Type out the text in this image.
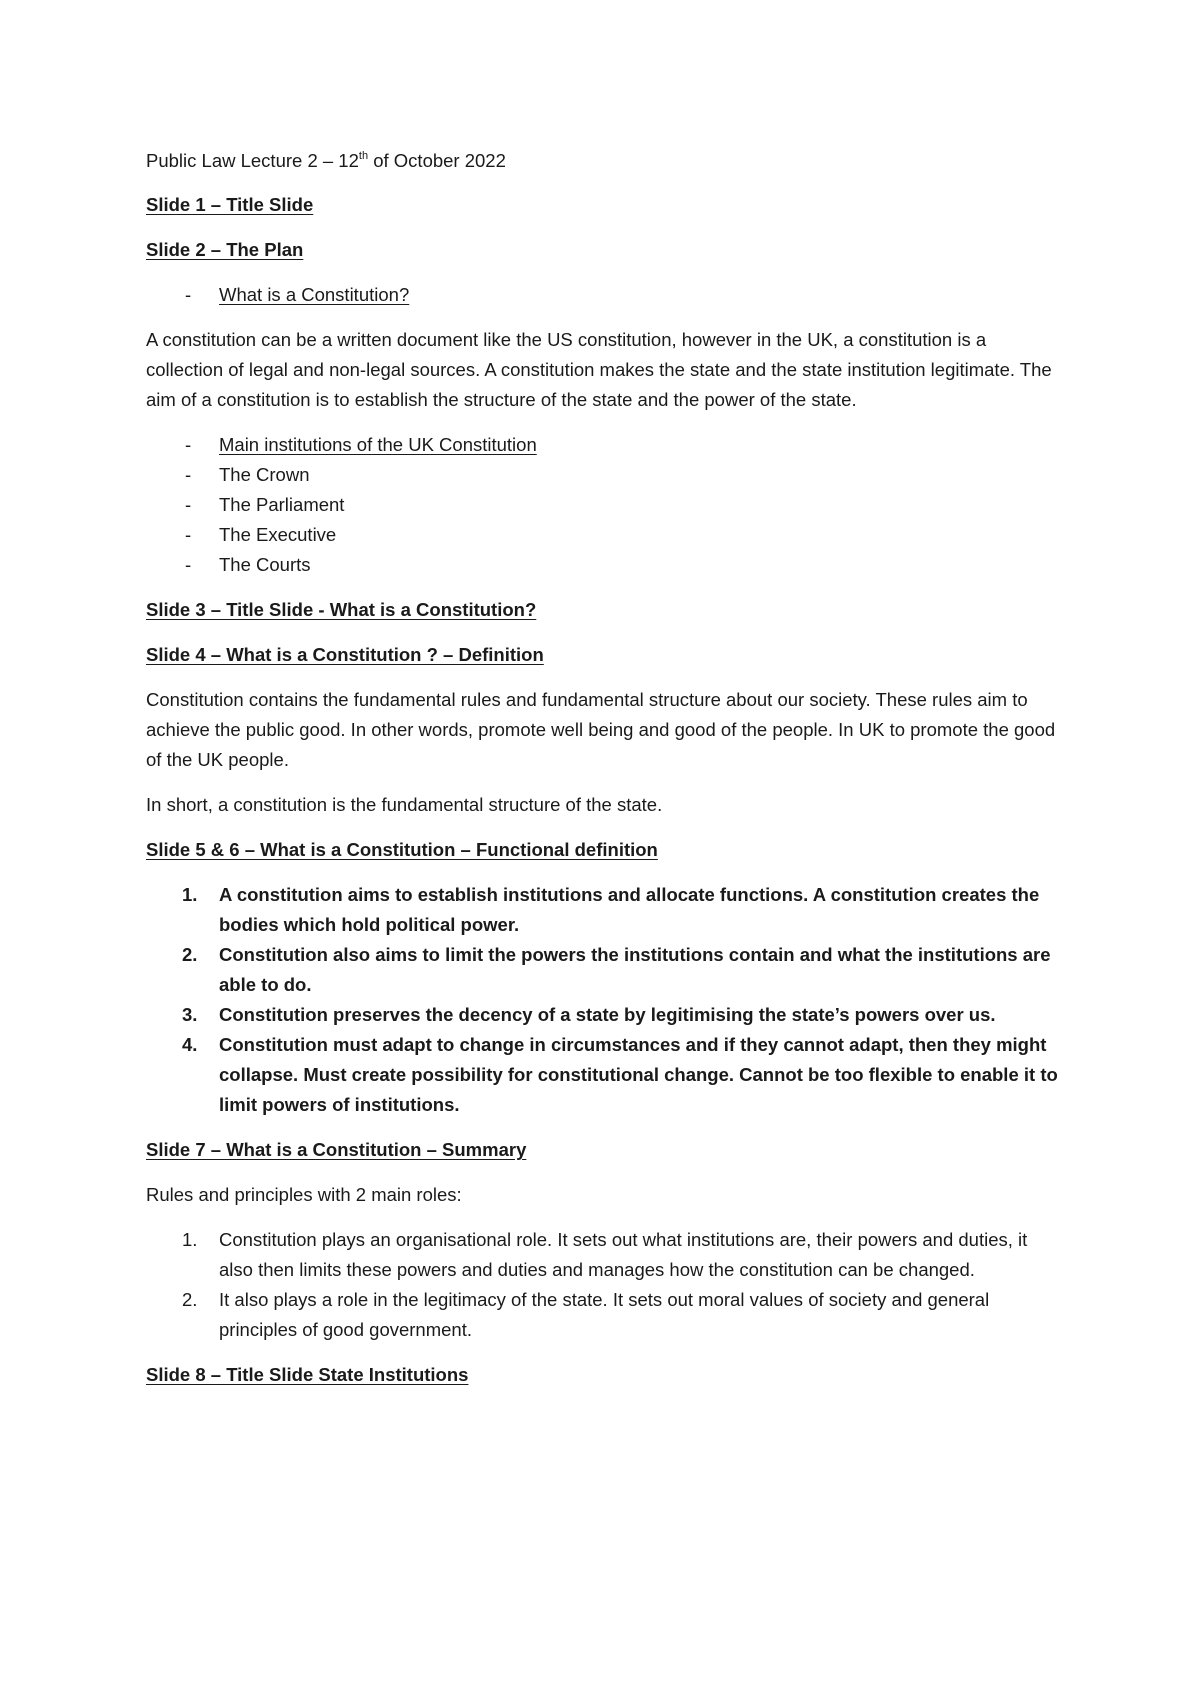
Public Law Lecture 2 – 12th of October 2022

Slide 1 – Title Slide

Slide 2 – The Plan

- What is a Constitution?

A constitution can be a written document like the US constitution, however in the UK, a constitution is a collection of legal and non-legal sources. A constitution makes the state and the state institution legitimate. The aim of a constitution is to establish the structure of the state and the power of the state.

- Main institutions of the UK Constitution
- The Crown
- The Parliament
- The Executive
- The Courts

Slide 3 – Title Slide - What is a Constitution?

Slide 4 – What is a Constitution ? – Definition

Constitution contains the fundamental rules and fundamental structure about our society. These rules aim to achieve the public good. In other words, promote well being and good of the people. In UK to promote the good of the UK people.

In short, a constitution is the fundamental structure of the state.

Slide 5 & 6 – What is a Constitution – Functional definition

1. A constitution aims to establish institutions and allocate functions. A constitution creates the bodies which hold political power.
2. Constitution also aims to limit the powers the institutions contain and what the institutions are able to do.
3. Constitution preserves the decency of a state by legitimising the state’s powers over us.
4. Constitution must adapt to change in circumstances and if they cannot adapt, then they might collapse. Must create possibility for constitutional change. Cannot be too flexible to enable it to limit powers of institutions.

Slide 7 – What is a Constitution – Summary

Rules and principles with 2 main roles:

1. Constitution plays an organisational role. It sets out what institutions are, their powers and duties, it also then limits these powers and duties and manages how the constitution can be changed.
2. It also plays a role in the legitimacy of the state. It sets out moral values of society and general principles of good government.

Slide 8 – Title Slide State Institutions
